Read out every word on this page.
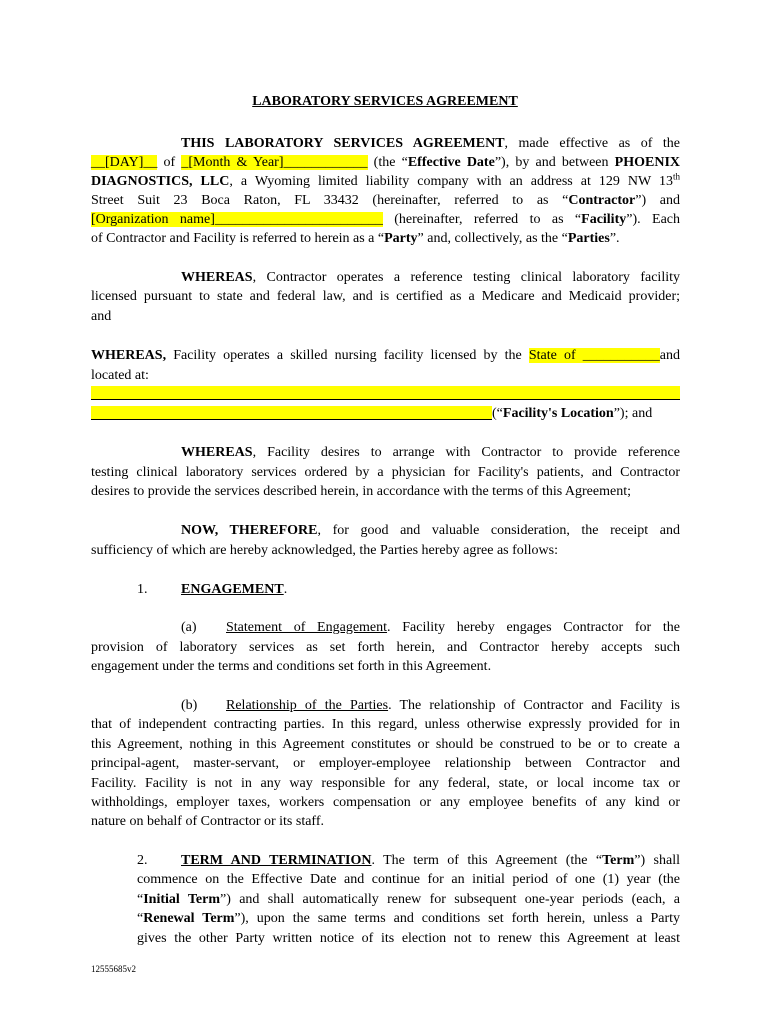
LABORATORY SERVICES AGREEMENT
THIS LABORATORY SERVICES AGREEMENT, made effective as of the
__[DAY]__ of _[Month & Year]____________ (the “Effective Date”), by and between PHOENIX
DIAGNOSTICS, LLC, a Wyoming limited liability company with an address at 129 NW 13th
Street Suit 23 Boca Raton, FL 33432 (hereinafter, referred to as “Contractor”) and
[Organization name]________________________ (hereinafter, referred to as “Facility”). Each
of Contractor and Facility is referred to herein as a “Party” and, collectively, as the “Parties”.
WHEREAS, Contractor operates a reference testing clinical laboratory facility
licensed pursuant to state and federal law, and is certified as a Medicare and Medicaid provider;
and
WHEREAS, Facility operates a skilled nursing facility licensed by the State of ___________and
located at:
(“Facility's Location”); and
WHEREAS, Facility desires to arrange with Contractor to provide reference
testing clinical laboratory services ordered by a physician for Facility's patients, and Contractor
desires to provide the services described herein, in accordance with the terms of this Agreement;
NOW, THEREFORE, for good and valuable consideration, the receipt and
sufficiency of which are hereby acknowledged, the Parties hereby agree as follows:
1. ENGAGEMENT.
(a) Statement of Engagement. Facility hereby engages Contractor for the
provision of laboratory services as set forth herein, and Contractor hereby accepts such
engagement under the terms and conditions set forth in this Agreement.
(b) Relationship of the Parties. The relationship of Contractor and Facility is
that of independent contracting parties. In this regard, unless otherwise expressly provided for in
this Agreement, nothing in this Agreement constitutes or should be construed to be or to create a
principal-agent, master-servant, or employer-employee relationship between Contractor and
Facility. Facility is not in any way responsible for any federal, state, or local income tax or
withholdings, employer taxes, workers compensation or any employee benefits of any kind or
nature on behalf of Contractor or its staff.
2. TERM AND TERMINATION. The term of this Agreement (the “Term”) shall
commence on the Effective Date and continue for an initial period of one (1) year (the
“Initial Term”) and shall automatically renew for subsequent one-year periods (each, a
“Renewal Term”), upon the same terms and conditions set forth herein, unless a Party
gives the other Party written notice of its election not to renew this Agreement at least
12555685v2
